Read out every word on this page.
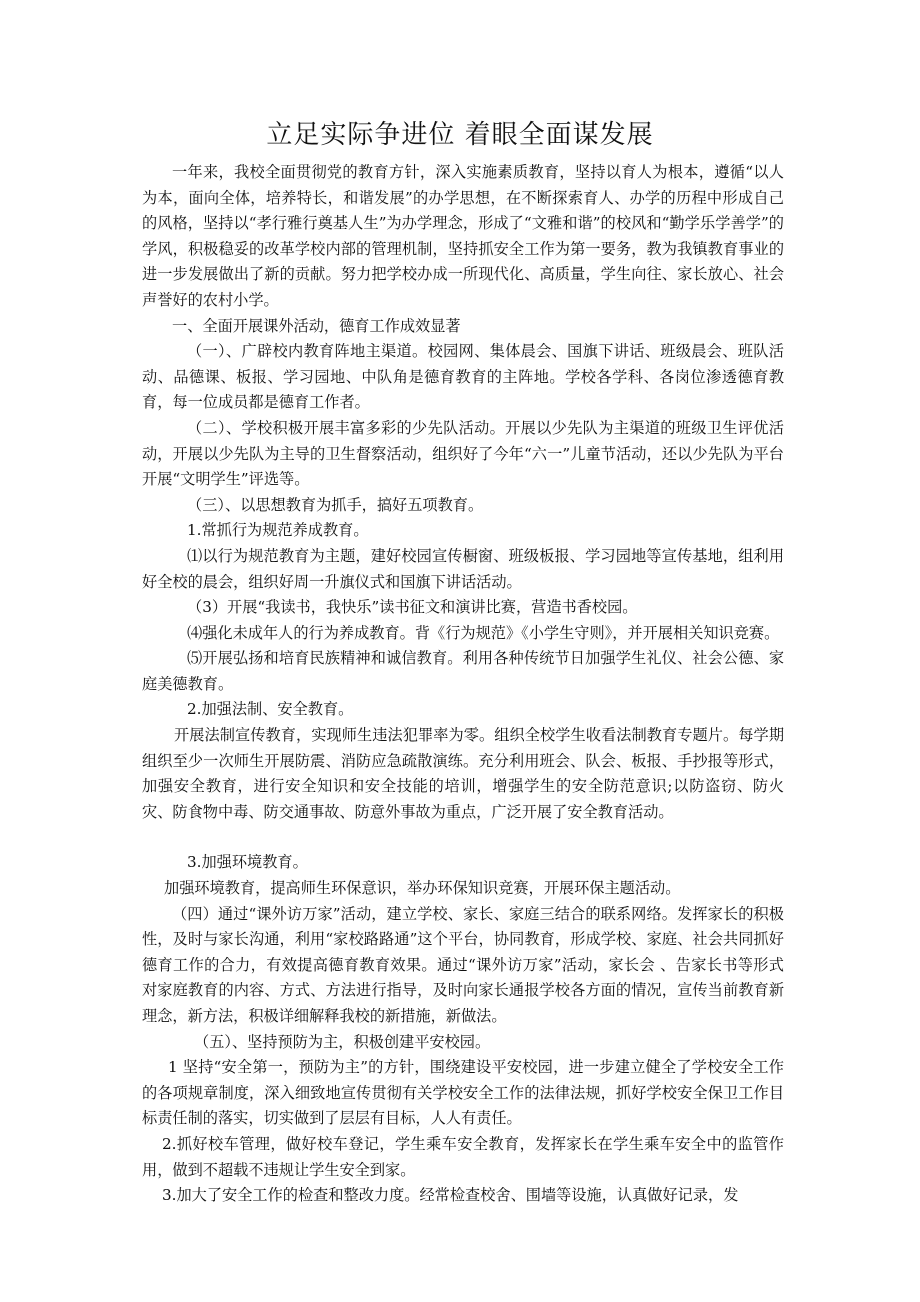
立足实际争进位 着眼全面谋发展

一年来，我校全面贯彻党的教育方针，深入实施素质教育，坚持以育人为根本，遵循“以人为本，面向全体，培养特长，和谐发展”的办学思想，在不断探索育人、办学的历程中形成自己的风格，坚持以“孝行雅行奠基人生”为办学理念，形成了“文雅和谐”的校风和“勤学乐学善学”的学风，积极稳妥的改革学校内部的管理机制，坚持抓安全工作为第一要务，教为我镇教育事业的进一步发展做出了新的贡献。努力把学校办成一所现代化、高质量，学生向往、家长放心、社会声誉好的农村小学。

一、全面开展课外活动，德育工作成效显著

（一）、广辟校内教育阵地主渠道。校园网、集体晨会、国旗下讲话、班级晨会、班队活动、品德课、板报、学习园地、中队角是德育教育的主阵地。学校各学科、各岗位渗透德育教育，每一位成员都是德育工作者。

（二）、学校积极开展丰富多彩的少先队活动。开展以少先队为主渠道的班级卫生评优活动，开展以少先队为主导的卫生督察活动，组织好了今年“六一”儿童节活动，还以少先队为平台开展“文明学生”评选等。

（三）、以思想教育为抓手，搞好五项教育。

1.常抓行为规范养成教育。

⑴以行为规范教育为主题，建好校园宣传橱窗、班级板报、学习园地等宣传基地，组利用好全校的晨会，组织好周一升旗仪式和国旗下讲话活动。

（3）开展“我读书，我快乐”读书征文和演讲比赛，营造书香校园。

⑷强化未成年人的行为养成教育。背《行为规范》《小学生守则》，并开展相关知识竞赛。

⑸开展弘扬和培育民族精神和诚信教育。利用各种传统节日加强学生礼仪、社会公德、家庭美德教育。

2.加强法制、安全教育。

开展法制宣传教育，实现师生违法犯罪率为零。组织全校学生收看法制教育专题片。每学期组织至少一次师生开展防震、消防应急疏散演练。充分利用班会、队会、板报、手抄报等形式，加强安全教育，进行安全知识和安全技能的培训，增强学生的安全防范意识;以防盗窃、防火灾、防食物中毒、防交通事故、防意外事故为重点，广泛开展了安全教育活动。

3.加强环境教育。

加强环境教育，提高师生环保意识，举办环保知识竞赛，开展环保主题活动。

（四）通过“课外访万家”活动，建立学校、家长、家庭三结合的联系网络。发挥家长的积极性，及时与家长沟通，利用“家校路路通”这个平台，协同教育，形成学校、家庭、社会共同抓好德育工作的合力，有效提高德育教育效果。通过“课外访万家”活动，家长会 、告家长书等形式对家庭教育的内容、方式、方法进行指导，及时向家长通报学校各方面的情况，宣传当前教育新理念，新方法，积极详细解释我校的新措施，新做法。

（五）、坚持预防为主，积极创建平安校园。

1 坚持“安全第一，预防为主”的方针，围绕建设平安校园，进一步建立健全了学校安全工作的各项规章制度，深入细致地宣传贯彻有关学校安全工作的法律法规，抓好学校安全保卫工作目标责任制的落实，切实做到了层层有目标，人人有责任。

2.抓好校车管理，做好校车登记，学生乘车安全教育，发挥家长在学生乘车安全中的监管作用，做到不超载不违规让学生安全到家。

3.加大了安全工作的检查和整改力度。经常检查校舍、围墙等设施，认真做好记录，发
